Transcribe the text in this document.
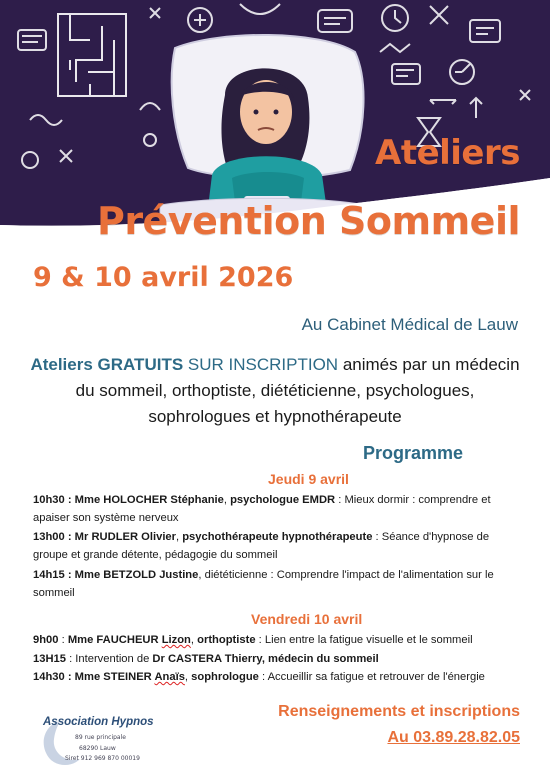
Ateliers
Prévention Sommeil
9 & 10 avril 2026
Au Cabinet Médical de Lauw
Ateliers GRATUITS SUR INSCRIPTION animés par un médecin du sommeil, orthoptiste, diététicienne, psychologues, sophrologues et hypnothérapeute
Programme
Jeudi 9 avril
10h30 : Mme HOLOCHER Stéphanie, psychologue EMDR : Mieux dormir : comprendre et apaiser son système nerveux
13h00 : Mr RUDLER Olivier, psychothérapeute hypnothérapeute : Séance d'hypnose de groupe et grande détente, pédagogie du sommeil
14h15 : Mme BETZOLD Justine, diététicienne : Comprendre l'impact de l'alimentation sur le sommeil
Vendredi 10 avril
9h00 : Mme FAUCHEUR Lizon, orthoptiste : Lien entre la fatigue visuelle et le sommeil
13H15 : Intervention de Dr CASTERA Thierry, médecin du sommeil
14h30 : Mme STEINER Anaïs, sophrologue : Accueillir sa fatigue et retrouver de l'énergie
Association Hypnos
89 rue principale
68290 Lauw
Siret 912 969 870 00019
Renseignements et inscriptions
Au 03.89.28.82.05
